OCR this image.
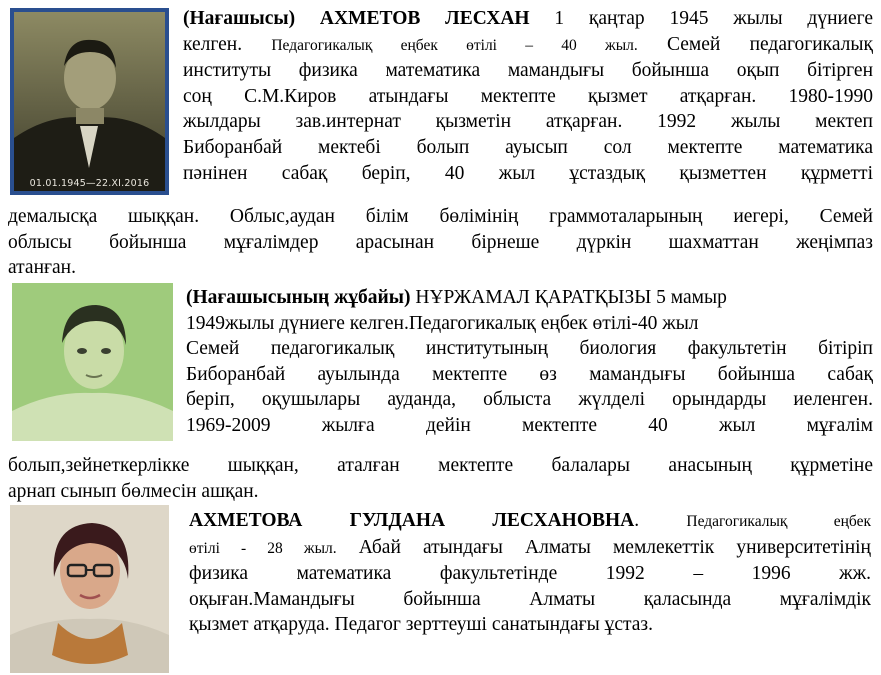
01.01.1945—22.XI.2016
(Нағашысы) АХМЕТОВ ЛЕСХАН 1 қаңтар 1945 жылы дүниеге
келген. Педагогикалық еңбек өтілі – 40 жыл. Семей педагогикалық
институты физика математика мамандығы бойынша оқып бітірген
соң С.М.Киров атындағы мектепте қызмет атқарған. 1980-1990
жылдары зав.интернат қызметін атқарған. 1992 жылы мектеп
Биборанбай мектебі болып ауысып сол мектепте математика
пәнінен сабақ беріп, 40 жыл ұстаздық қызметтен құрметті
демалысқа шыққан. Облыс,аудан білім бөлімінің граммоталарының иегері, Семей
облысы бойынша мұғалімдер арасынан бірнеше дүркін шахматтан жеңімпаз
атанған.
(Нағашысының жұбайы) НҰРЖАМАЛ ҚАРАТҚЫЗЫ 5 мамыр
1949жылы дүниеге келген.Педагогикалық еңбек өтілі-40 жыл
Семей педагогикалық институтының биология факультетін бітіріп
Биборанбай ауылында мектепте өз мамандығы бойынша сабақ
беріп, оқушылары ауданда, облыста жүлделі орындарды иеленген.
1969-2009	жылға	дейін	мектепте	40	жыл	мұғалім
болып,зейнеткерлікке шыққан, аталған мектепте балалары анасының құрметіне
арнап сынып бөлмесін ашқан.
АХМЕТОВА ГУЛДАНА ЛЕСХАНОВНА. Педагогикалық еңбек
өтілі - 28 жыл. Абай атындағы Алматы мемлекеттік университетінің
физика математика факультетінде 1992 – 1996 жж.
оқыған.Мамандығы бойынша Алматы қаласында мұғалімдік
қызмет атқаруда. Педагог зерттеуші санатындағы ұстаз.
